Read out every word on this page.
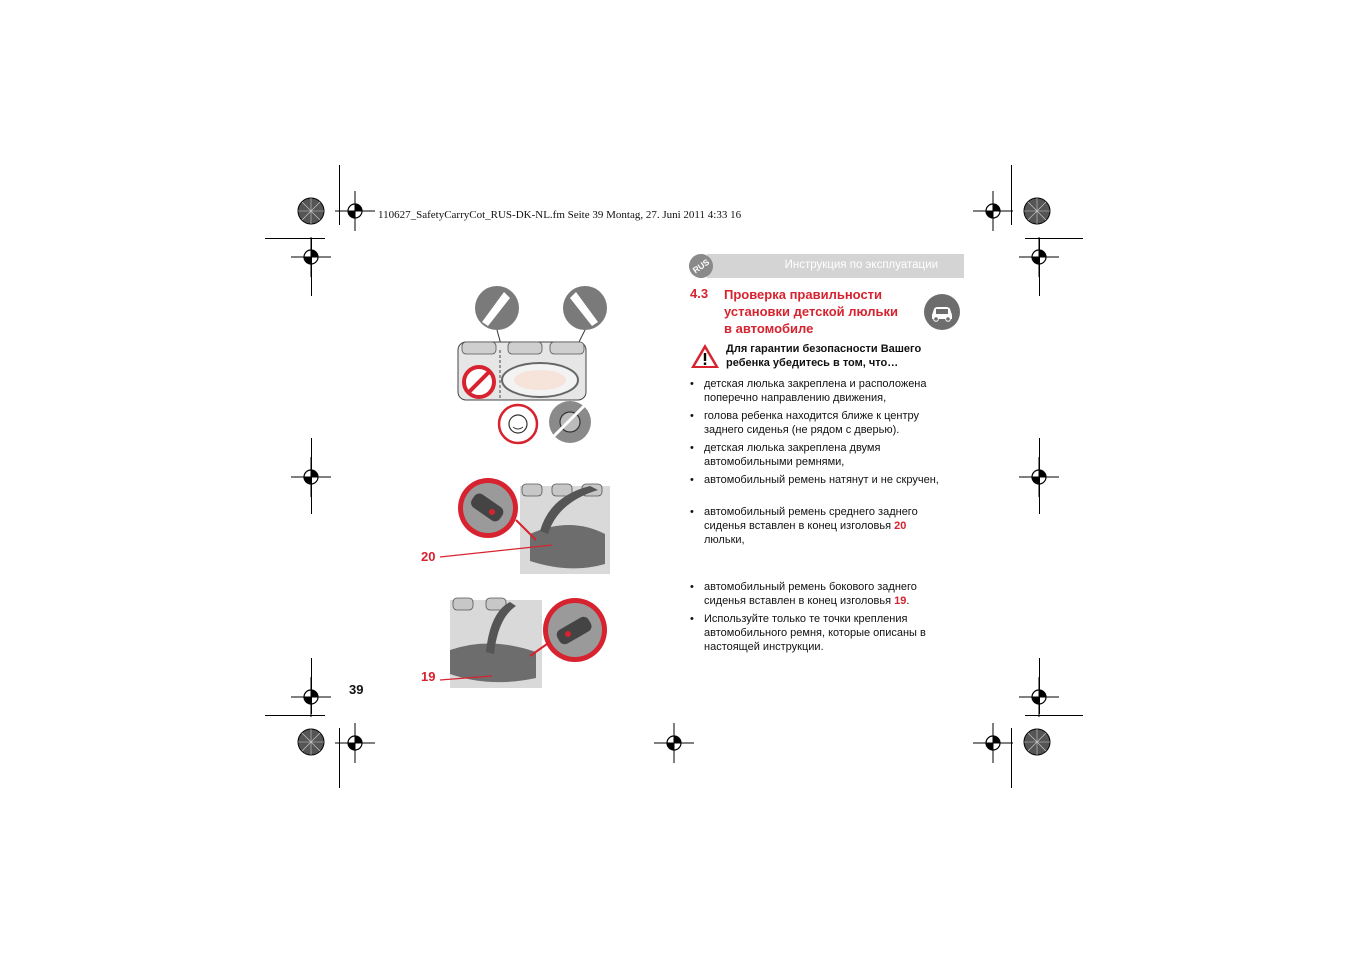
110627_SafetyCarryCot_RUS-DK-NL.fm Seite 39 Montag, 27. Juni 2011 4:33 16
Инструкция по эксплуатации
RUS
4.3 Проверка правильности
установки детской люльки
в автомобиле
Для гарантии безопасности Вашего
ребенка убедитесь в том, что…
• детская люлька закреплена и расположена
поперечно направлению движения,
• голова ребенка находится ближе к центру
заднего сиденья (не рядом с дверью).
• детская люлька закреплена двумя
автомобильными ремнями,
• автомобильный ремень натянут и не скручен,
• автомобильный ремень среднего заднего
сиденья вставлен в конец изголовья 20
люльки,
• автомобильный ремень бокового заднего
сиденья вставлен в конец изголовья 19.
• Используйте только те точки крепления
автомобильного ремня, которые описаны в
настоящей инструкции.
20
19
39
